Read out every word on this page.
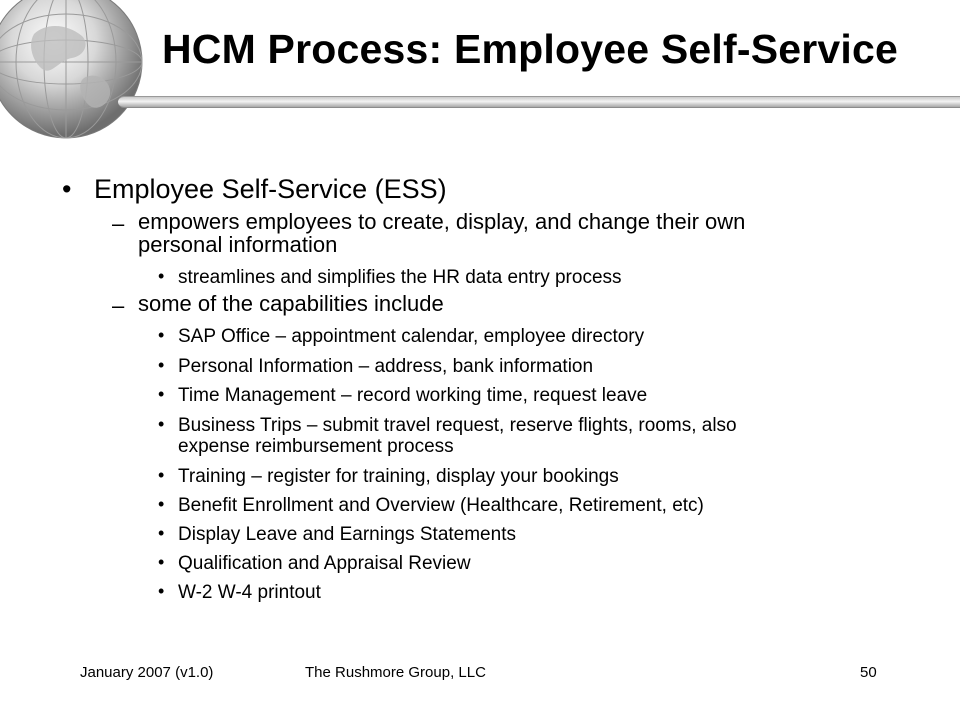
HCM Process: Employee Self-Service
• Employee Self-Service (ESS)
– empowers employees to create, display, and change their own
personal information
• streamlines and simplifies the HR data entry process
– some of the capabilities include
• SAP Office – appointment calendar, employee directory
• Personal Information – address, bank information
• Time Management – record working time, request leave
• Business Trips – submit travel request, reserve flights, rooms, also
expense reimbursement process
• Training – register for training, display your bookings
• Benefit Enrollment and Overview (Healthcare, Retirement, etc)
• Display Leave and Earnings Statements
• Qualification and Appraisal Review
• W-2 W-4 printout
January 2007 (v1.0)	The Rushmore Group, LLC	50
